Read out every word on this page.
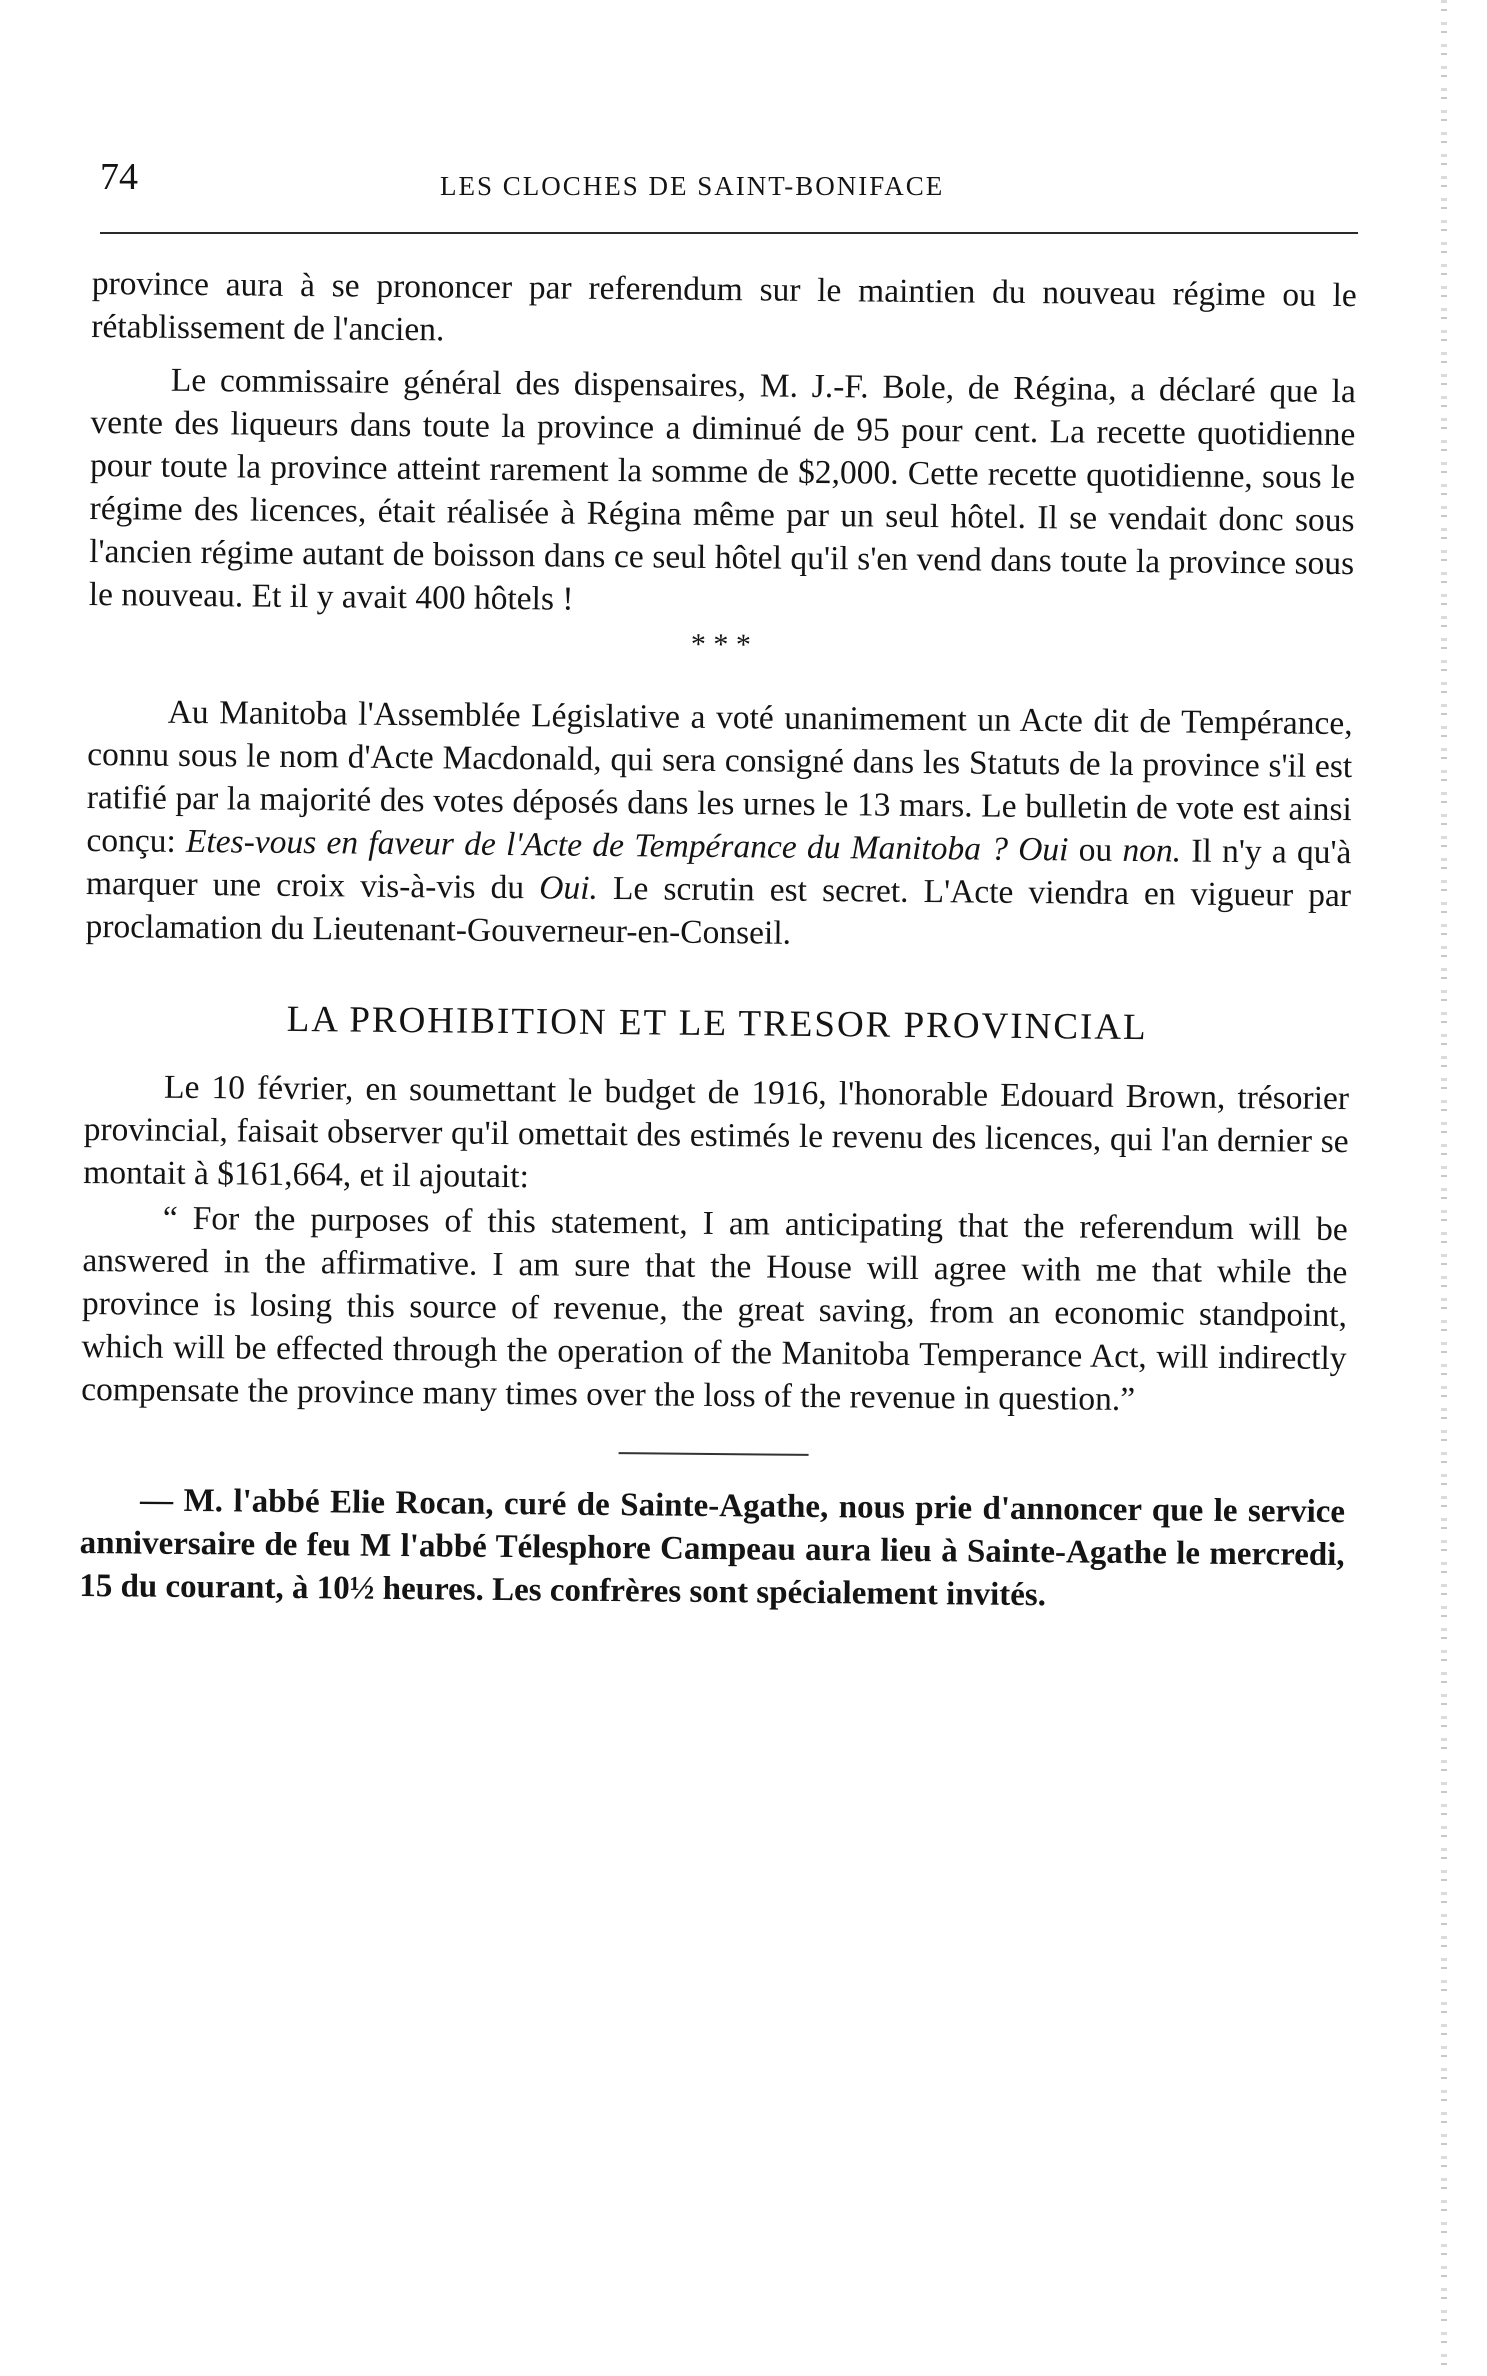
74	LES CLOCHES DE SAINT-BONIFACE

province aura à se prononcer par referendum sur le maintien du nouveau régime ou le rétablissement de l'ancien.

Le commissaire général des dispensaires, M. J.-F. Bole, de Régina, a déclaré que la vente des liqueurs dans toute la province a diminué de 95 pour cent. La recette quotidienne pour toute la province atteint rarement la somme de $2,000. Cette recette quotidienne, sous le régime des licences, était réalisée à Régina même par un seul hôtel. Il se vendait donc sous l'ancien régime autant de boisson dans ce seul hôtel qu'il s'en vend dans toute la province sous le nouveau. Et il y avait 400 hôtels !

* * *

Au Manitoba l'Assemblée Législative a voté unanimement un Acte dit de Tempérance, connu sous le nom d'Acte Macdonald, qui sera consigné dans les Statuts de la province s'il est ratifié par la majorité des votes déposés dans les urnes le 13 mars. Le bulletin de vote est ainsi conçu: Etes-vous en faveur de l'Acte de Tempérance du Manitoba ? Oui ou non. Il n'y a qu'à marquer une croix vis-à-vis du Oui. Le scrutin est secret. L'Acte viendra en vigueur par proclamation du Lieutenant-Gouverneur-en-Conseil.

LA PROHIBITION ET LE TRESOR PROVINCIAL

Le 10 février, en soumettant le budget de 1916, l'honorable Edouard Brown, trésorier provincial, faisait observer qu'il omettait des estimés le revenu des licences, qui l'an dernier se montait à $161,664, et il ajoutait:

“ For the purposes of this statement, I am anticipating that the referendum will be answered in the affirmative. I am sure that the House will agree with me that while the province is losing this source of revenue, the great saving, from an economic standpoint, which will be effected through the operation of the Manitoba Temperance Act, will indirectly compensate the province many times over the loss of the revenue in question.”

— M. l'abbé Elie Rocan, curé de Sainte-Agathe, nous prie d'annoncer que le service anniversaire de feu M l'abbé Télesphore Campeau aura lieu à Sainte-Agathe le mercredi, 15 du courant, à 10½ heures. Les confrères sont spécialement invités.
